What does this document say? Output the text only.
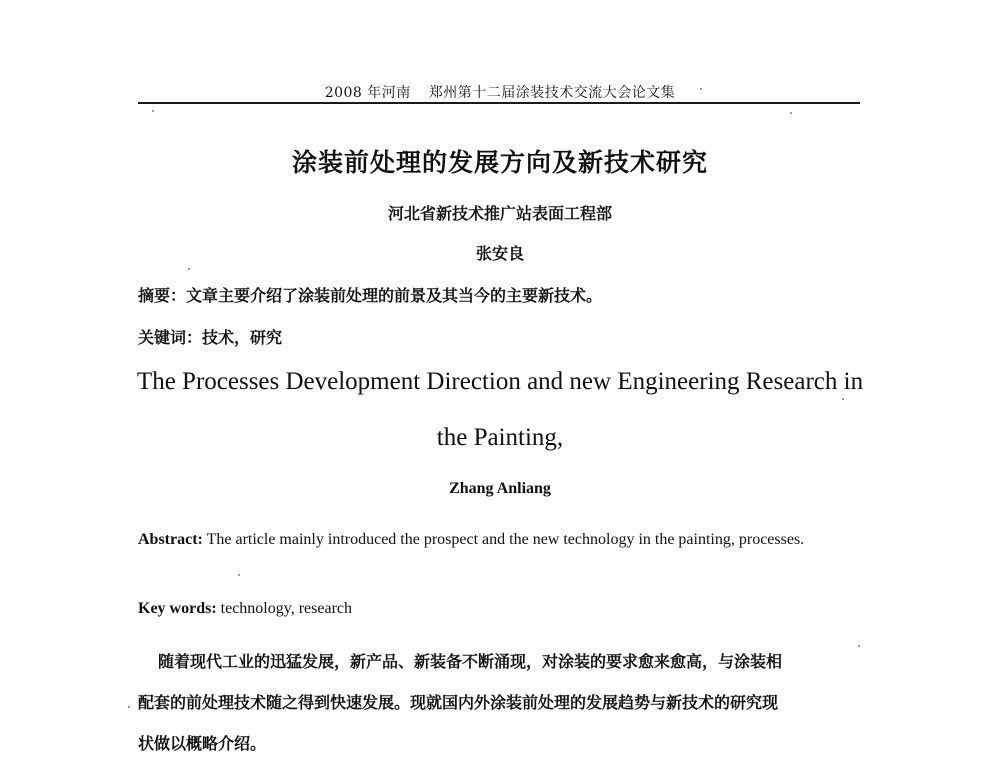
2008 年河南 郑州第十二届涂装技术交流大会论文集
涂装前处理的发展方向及新技术研究
河北省新技术推广站表面工程部
张安良
摘要：文章主要介绍了涂装前处理的前景及其当今的主要新技术。
关键词：技术，研究
The Processes Development Direction and new Engineering Research in
the Painting,
Zhang Anliang
Abstract: The article mainly introduced the prospect and the new technology in the painting, processes.
Key words: technology, research
随着现代工业的迅猛发展，新产品、新装备不断涌现，对涂装的要求愈来愈高，与涂装相
配套的前处理技术随之得到快速发展。现就国内外涂装前处理的发展趋势与新技术的研究现
状做以概略介绍。
